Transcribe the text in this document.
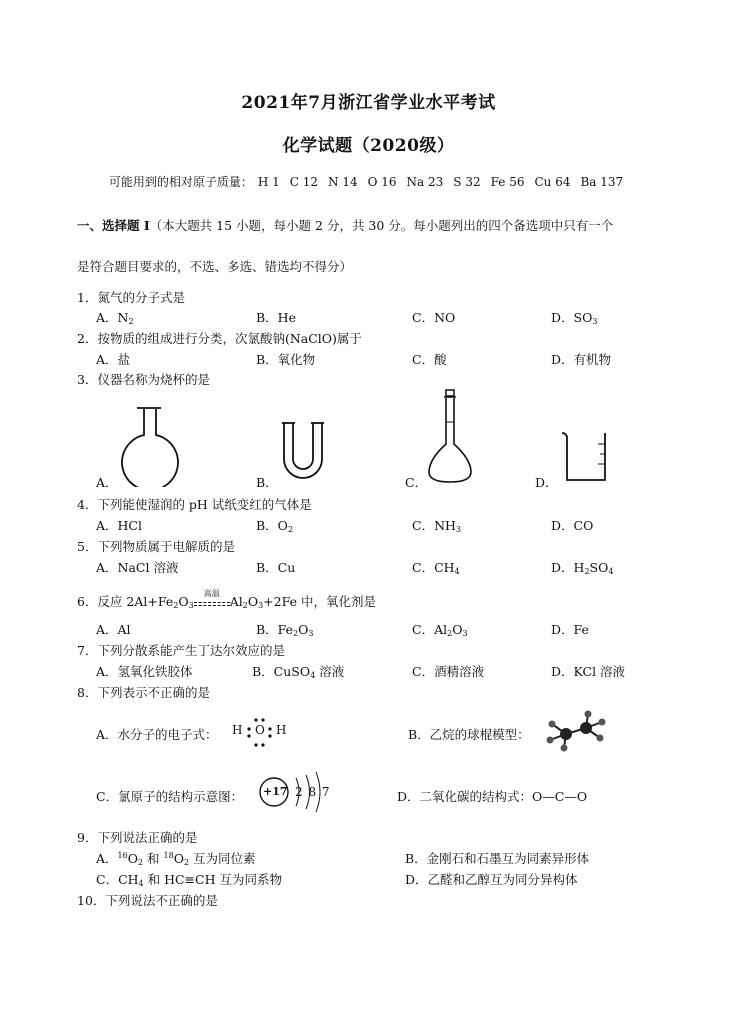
2021年7月浙江省学业水平考试
化学试题（2020级）
可能用到的相对原子质量： H 1 C 12 N 14 O 16 Na 23 S 32 Fe 56 Cu 64 Ba 137
一、选择题 I（本大题共 15 小题，每小题 2 分，共 30 分。每小题列出的四个备选项中只有一个
是符合题目要求的，不选、多选、错选均不得分）
1．氮气的分子式是
A．$N_2$	B．He	C．NO	D．$SO_3$
2．按物质的组成进行分类，次氯酸钠(NaClO)属于
A．盐	B．氧化物	C．酸	D．有机物
3．仪器名称为烧杯的是
A．	B．	C．	D．
4．下列能使湿润的 pH 试纸变红的气体是
A．HCl	B．$O_2$	C．$NH_3$	D．CO
5．下列物质属于电解质的是
A．NaCl 溶液	B．Cu	C．$CH_4$	D．$H_2SO_4$
6．反应 $2Al+Fe_2O_3$
高温
$Al_2O_3+2Fe$ 中，氧化剂是
A．Al	B．$Fe_2O_3$	C．$Al_2O_3$	D．Fe
7．下列分散系能产生丁达尔效应的是
A．氢氧化铁胶体	B．CuSO$_4$ 溶液	C．酒精溶液	D．KCl 溶液
8．下列表示不正确的是
A．水分子的电子式： H O H	B．乙烷的球棍模型：
C．氯原子的结构示意图： +17 2 8 7	D．二氧化碳的结构式：O—C—O
9．下列说法正确的是
A．$^{16}O_2$ 和 $^{18}O_2$ 互为同位素	B．金刚石和石墨互为同素异形体
C．$CH_4$ 和 HC≡CH 互为同系物	D．乙醛和乙醇互为同分异构体
10．下列说法不正确的是
